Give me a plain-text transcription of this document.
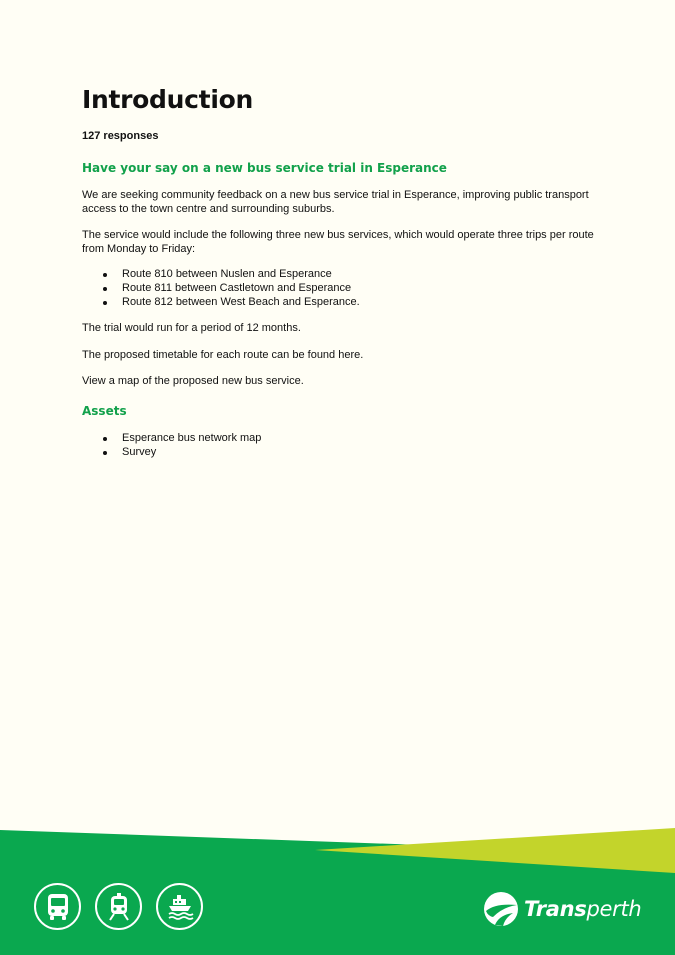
Introduction
127 responses
Have your say on a new bus service trial in Esperance

We are seeking community feedback on a new bus service trial in Esperance, improving public transport access to the town centre and surrounding suburbs.

The service would include the following three new bus services, which would operate three trips per route from Monday to Friday:

Route 810 between Nuslen and Esperance
Route 811 between Castletown and Esperance
Route 812 between West Beach and Esperance.

The trial would run for a period of 12 months.

The proposed timetable for each route can be found here.

View a map of the proposed new bus service.

Assets
Esperance bus network map
Survey
Transperth
